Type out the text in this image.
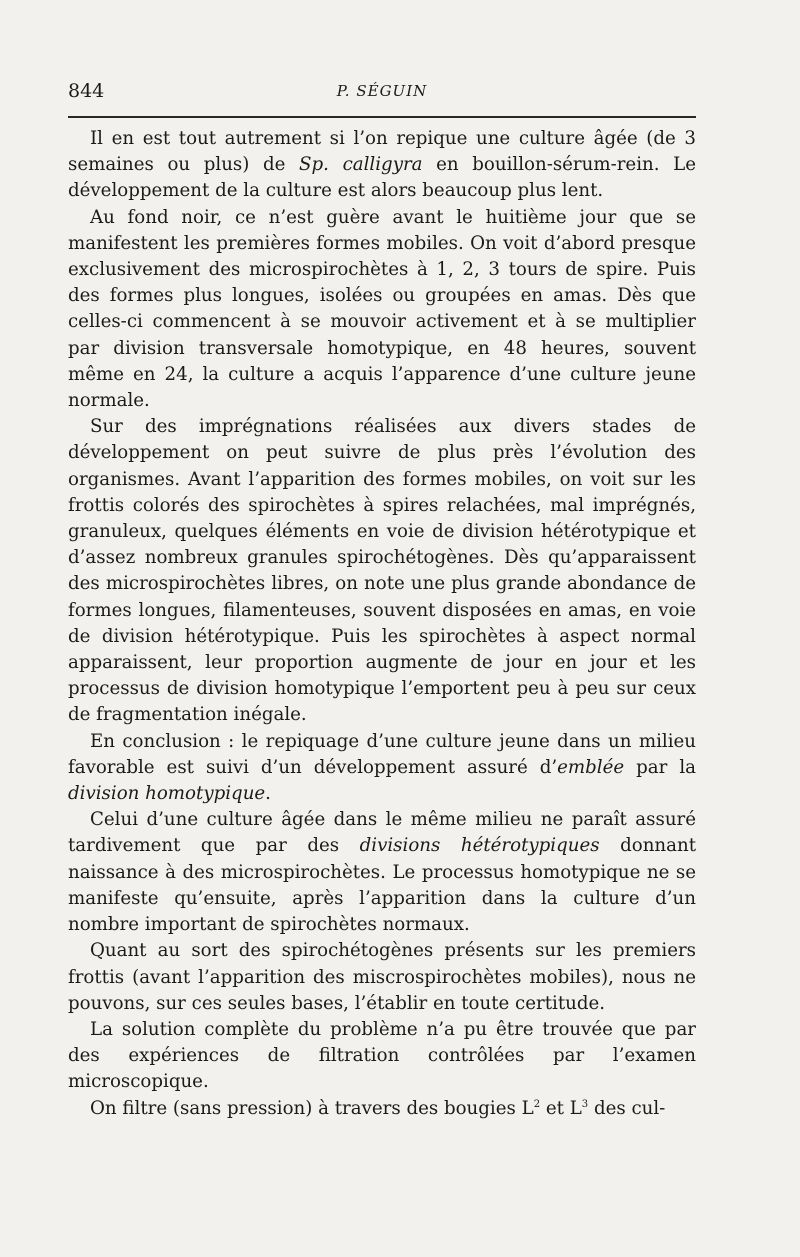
844	P. SÉGUIN

Il en est tout autrement si l’on repique une culture âgée (de 3 semaines ou plus) de Sp. calligyra en bouillon-sérum-rein. Le développement de la culture est alors beaucoup plus lent.

Au fond noir, ce n’est guère avant le huitième jour que se manifestent les premières formes mobiles. On voit d’abord presque exclusivement des microspirochètes à 1, 2, 3 tours de spire. Puis des formes plus longues, isolées ou groupées en amas. Dès que celles-ci commencent à se mouvoir activement et à se multiplier par division transversale homotypique, en 48 heures, souvent même en 24, la culture a acquis l’apparence d’une culture jeune normale.

Sur des imprégnations réalisées aux divers stades de développement on peut suivre de plus près l’évolution des organismes. Avant l’apparition des formes mobiles, on voit sur les frottis colorés des spirochètes à spires relachées, mal imprégnés, granuleux, quelques éléments en voie de division hétérotypique et d’assez nombreux granules spirochétogènes. Dès qu’apparaissent des microspirochètes libres, on note une plus grande abondance de formes longues, filamenteuses, souvent disposées en amas, en voie de division hétérotypique. Puis les spirochètes à aspect normal apparaissent, leur proportion augmente de jour en jour et les processus de division homotypique l’emportent peu à peu sur ceux de fragmentation inégale.

En conclusion : le repiquage d’une culture jeune dans un milieu favorable est suivi d’un développement assuré d’emblée par la division homotypique.

Celui d’une culture âgée dans le même milieu ne paraît assuré tardivement que par des divisions hétérotypiques donnant naissance à des microspirochètes. Le processus homotypique ne se manifeste qu’ensuite, après l’apparition dans la culture d’un nombre important de spirochètes normaux.

Quant au sort des spirochétogènes présents sur les premiers frottis (avant l’apparition des miscrospirochètes mobiles), nous ne pouvons, sur ces seules bases, l’établir en toute certitude.

La solution complète du problème n’a pu être trouvée que par des expériences de filtration contrôlées par l’examen microscopique.

On filtre (sans pression) à travers des bougies $L^2$ et $L^3$ des cul-
